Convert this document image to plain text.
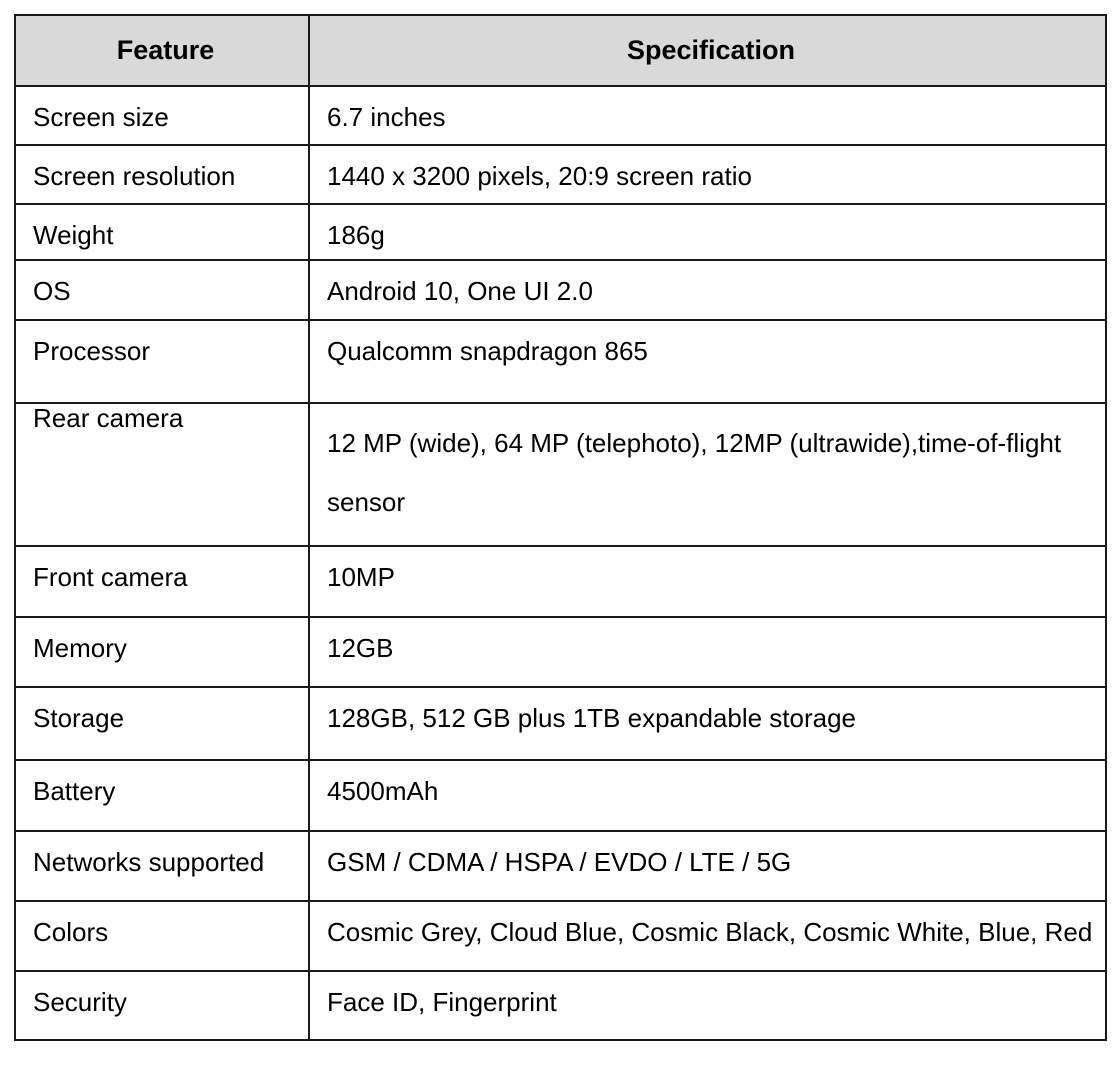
Feature	Specification

Screen size	6.7 inches

Screen resolution	1440 x 3200 pixels, 20:9 screen ratio

Weight	186g

OS	Android 10, One UI 2.0

Processor	Qualcomm snapdragon 865

Rear camera	12 MP (wide), 64 MP (telephoto), 12MP (ultrawide),time-of-flight sensor

Front camera	10MP

Memory	12GB

Storage	128GB, 512 GB plus 1TB expandable storage

Battery	4500mAh

Networks supported	GSM / CDMA / HSPA / EVDO / LTE / 5G

Colors	Cosmic Grey, Cloud Blue, Cosmic Black, Cosmic White, Blue, Red

Security	Face ID, Fingerprint
